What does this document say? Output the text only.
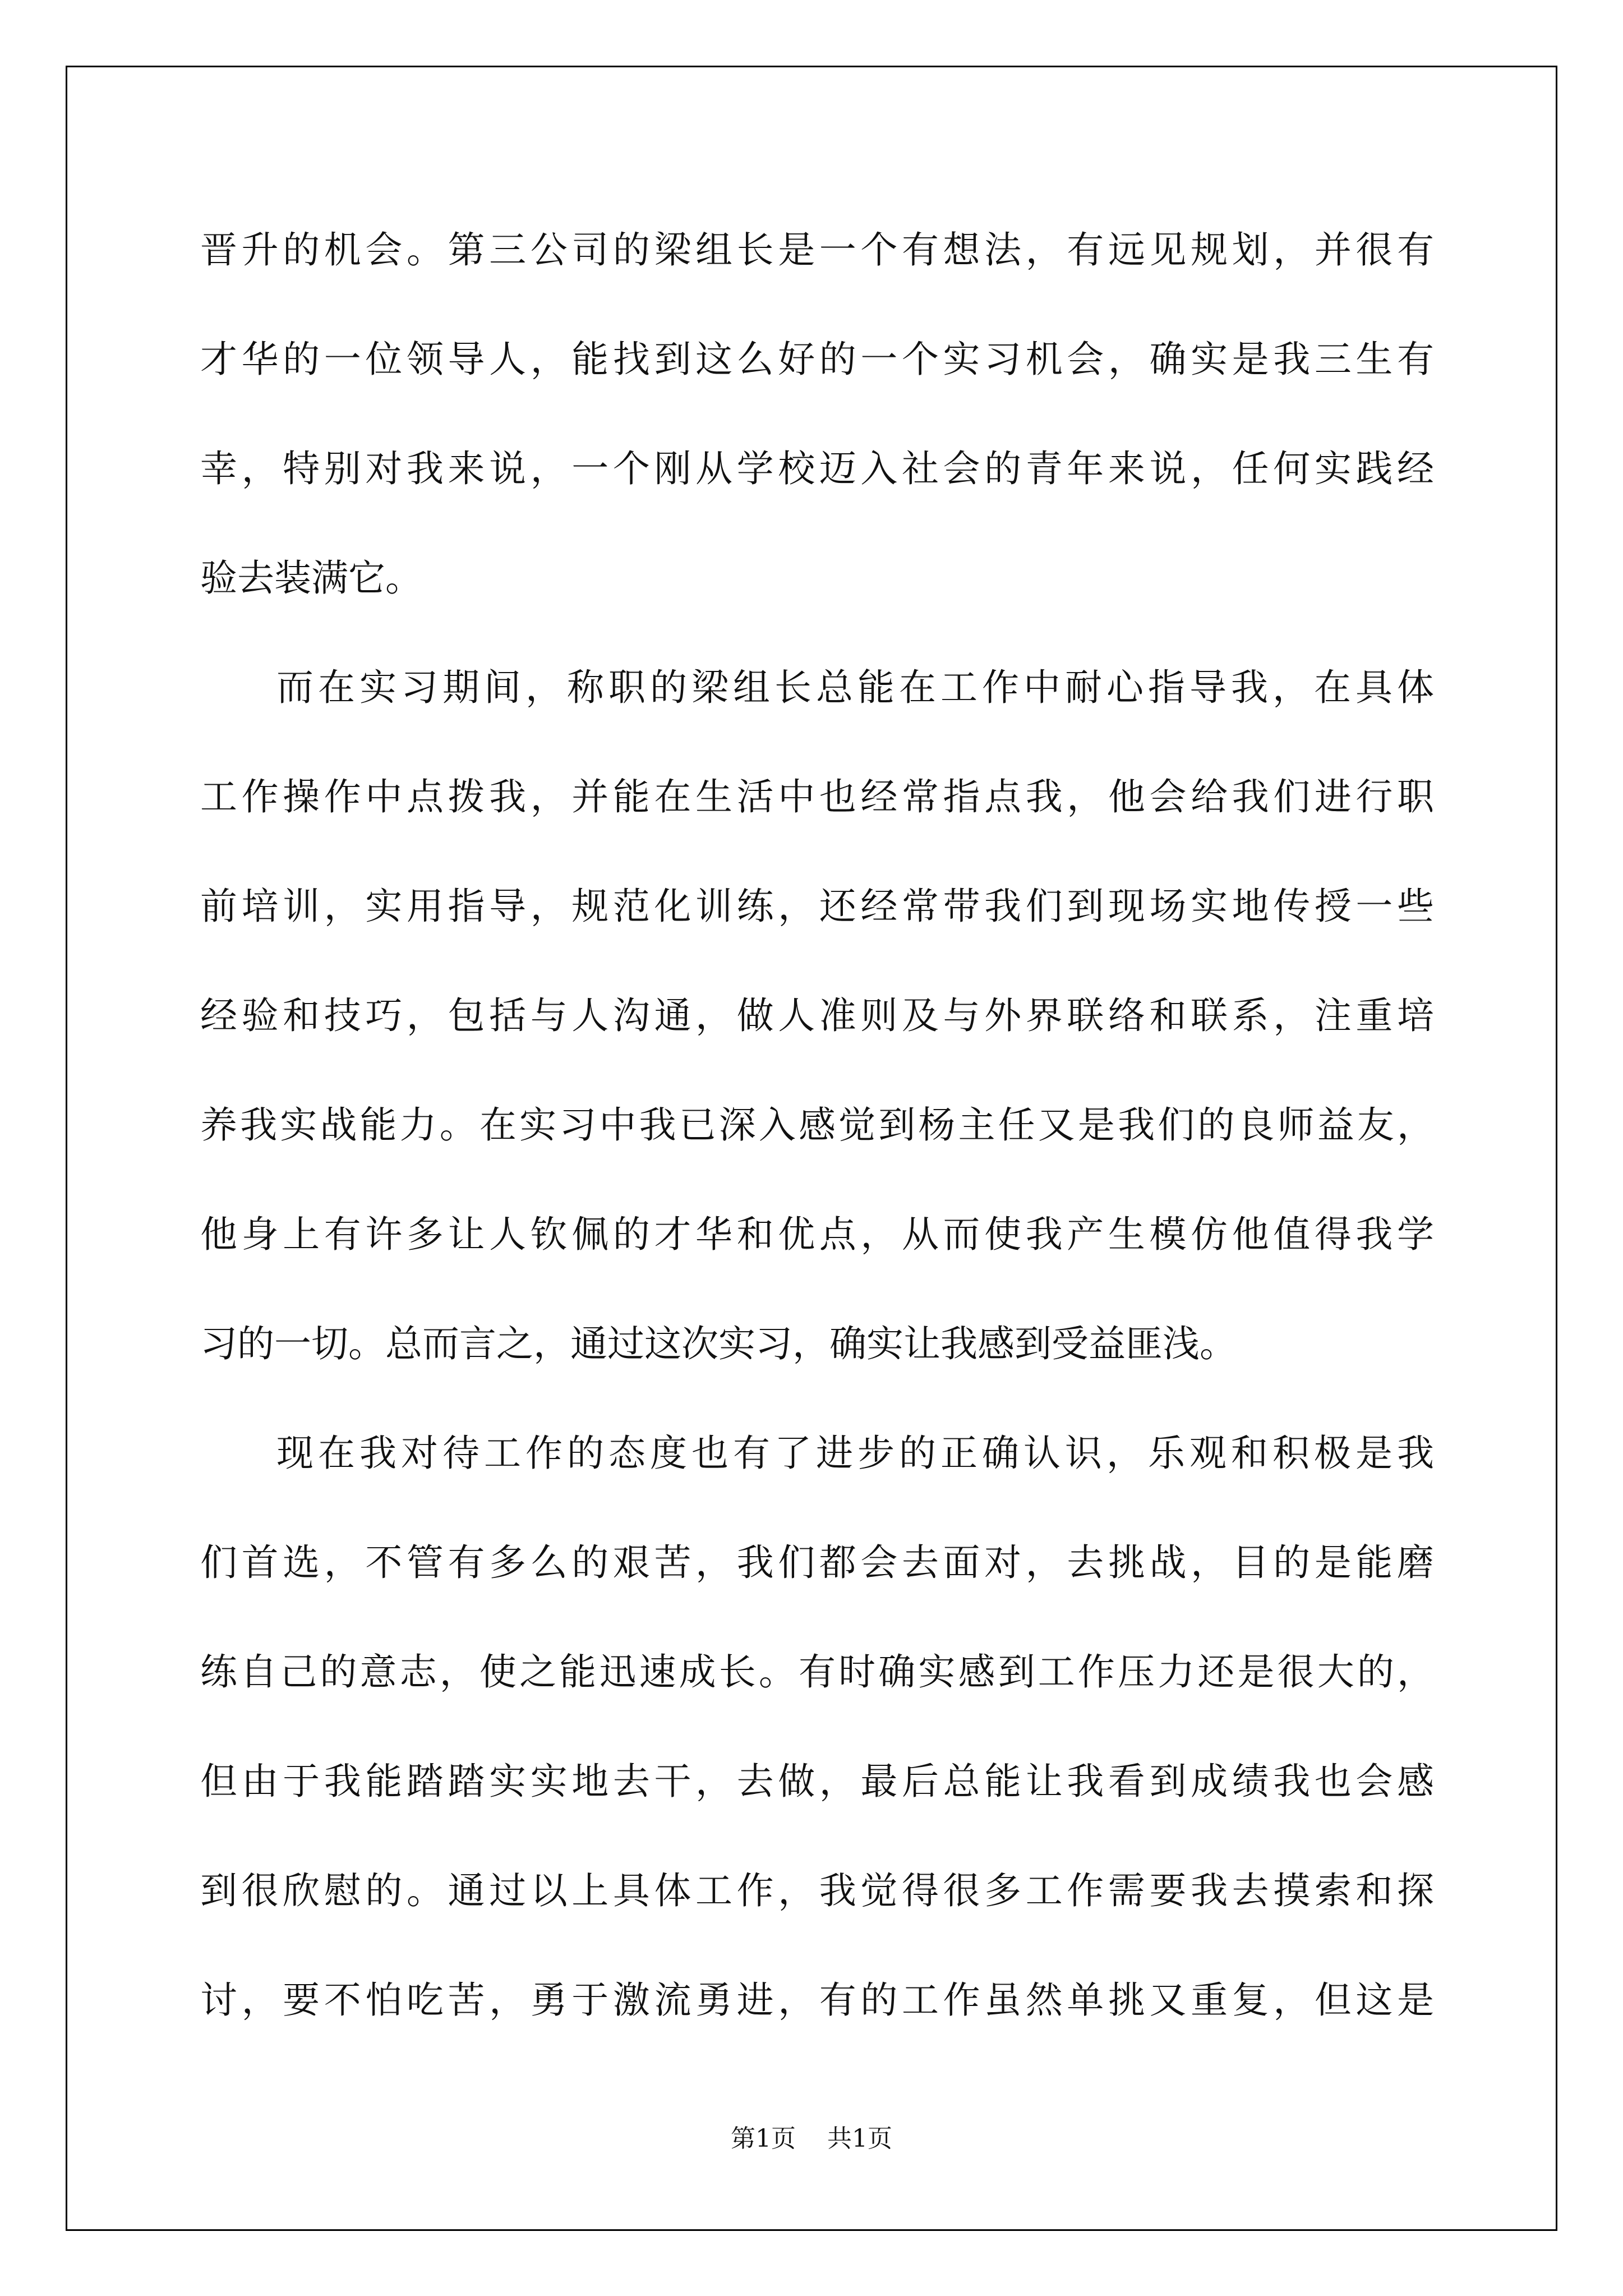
晋升的机会。第三公司的梁组长是一个有想法，有远见规划，并很有
才华的一位领导人，能找到这么好的一个实习机会，确实是我三生有
幸，特别对我来说，一个刚从学校迈入社会的青年来说，任何实践经
验去装满它。
而在实习期间，称职的梁组长总能在工作中耐心指导我，在具体
工作操作中点拨我，并能在生活中也经常指点我，他会给我们进行职
前培训，实用指导，规范化训练，还经常带我们到现场实地传授一些
经验和技巧，包括与人沟通，做人准则及与外界联络和联系，注重培
养我实战能力。在实习中我已深入感觉到杨主任又是我们的良师益友，
他身上有许多让人钦佩的才华和优点，从而使我产生模仿他值得我学
习的一切。总而言之，通过这次实习，确实让我感到受益匪浅。
现在我对待工作的态度也有了进步的正确认识，乐观和积极是我
们首选，不管有多么的艰苦，我们都会去面对，去挑战，目的是能磨
练自己的意志，使之能迅速成长。有时确实感到工作压力还是很大的，
但由于我能踏踏实实地去干，去做，最后总能让我看到成绩我也会感
到很欣慰的。通过以上具体工作，我觉得很多工作需要我去摸索和探
讨，要不怕吃苦，勇于激流勇进，有的工作虽然单挑又重复，但这是
第1页 共1页
